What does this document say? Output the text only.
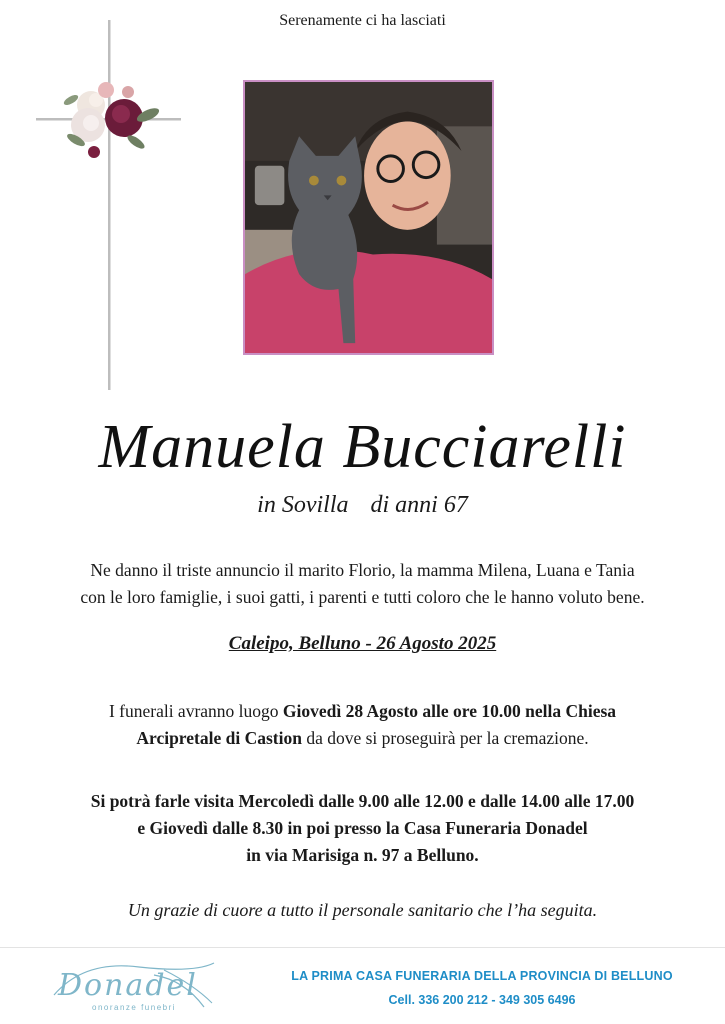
Serenamente ci ha lasciati
Manuela Bucciarelli
in Sovilla di anni 67
Ne danno il triste annuncio il marito Florio, la mamma Milena, Luana e Tania
con le loro famiglie, i suoi gatti, i parenti e tutti coloro che le hanno voluto bene.
Caleipo, Belluno - 26 Agosto 2025
I funerali avranno luogo Giovedì 28 Agosto alle ore 10.00 nella Chiesa
Arcipretale di Castion da dove si proseguirà per la cremazione.
Si potrà farle visita Mercoledì dalle 9.00 alle 12.00 e dalle 14.00 alle 17.00
e Giovedì dalle 8.30 in poi presso la Casa Funeraria Donadel
in via Marisiga n. 97 a Belluno.
Un grazie di cuore a tutto il personale sanitario che l’ha seguita.
Donadel
onoranze funebri
LA PRIMA CASA FUNERARIA DELLA PROVINCIA DI BELLUNO
Cell. 336 200 212 - 349 305 6496
